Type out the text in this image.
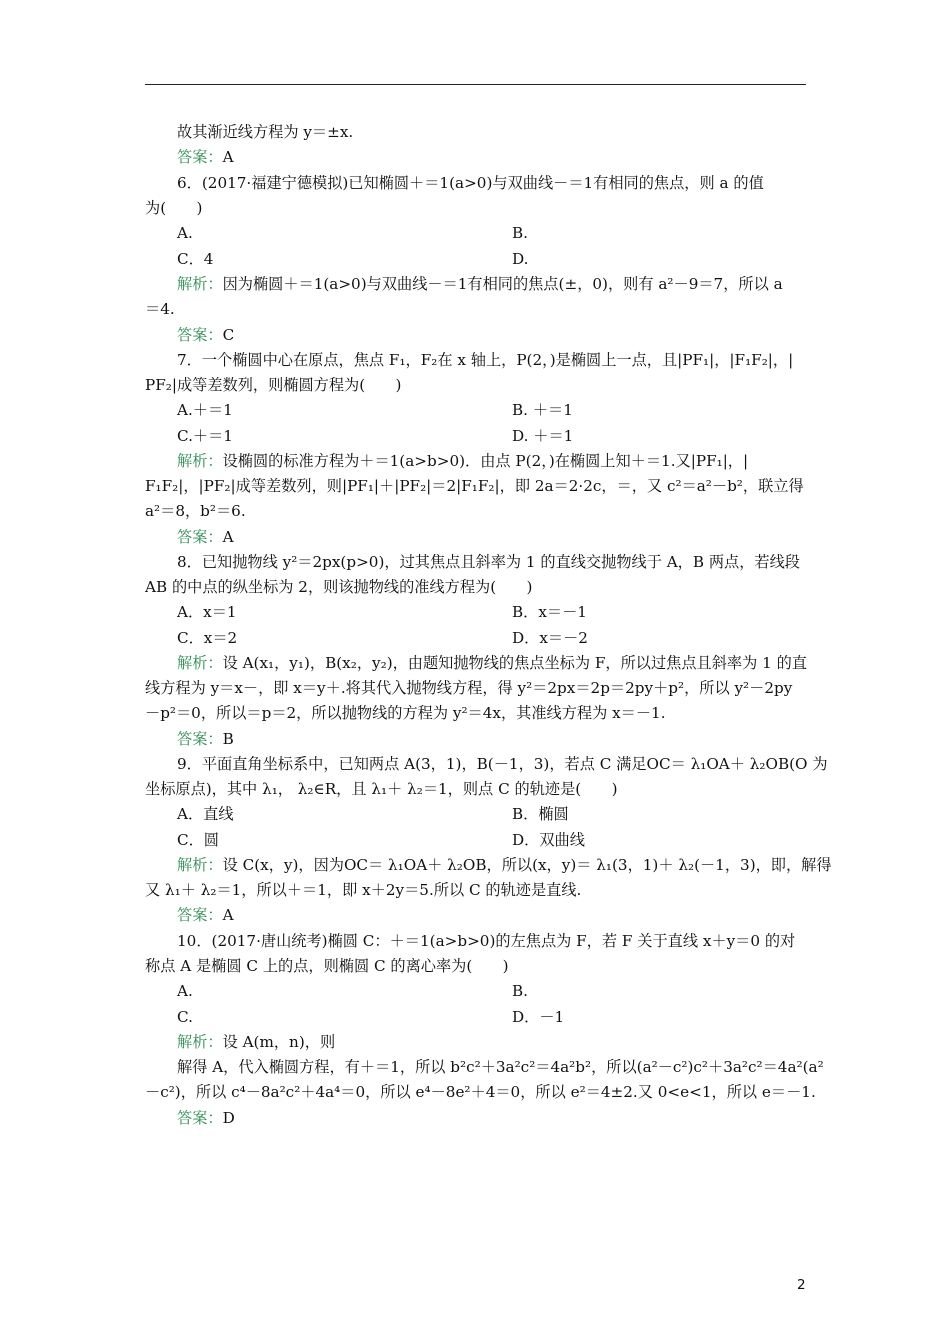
故其渐近线方程为 y＝±x.
答案：A
6．(2017·福建宁德模拟)已知椭圆＋＝1(a>0)与双曲线－＝1有相同的焦点，则 a 的值
为(　　)
A.	B.
C．4	D.
解析：因为椭圆＋＝1(a>0)与双曲线－＝1有相同的焦点(±，0)，则有 a²－9＝7，所以 a
＝4.
答案：C
7．一个椭圆中心在原点，焦点 F₁，F₂在 x 轴上，P(2，)是椭圆上一点，且|PF₁|，|F₁F₂|，|
PF₂|成等差数列，则椭圆方程为(　　)
A.＋＝1	B. ＋＝1
C.＋＝1	D. ＋＝1
解析：设椭圆的标准方程为＋＝1(a>b>0)．由点 P(2，)在椭圆上知＋＝1.又|PF₁|，|
F₁F₂|，|PF₂|成等差数列，则|PF₁|＋|PF₂|＝2|F₁F₂|，即 2a＝2·2c，＝，又 c²＝a²－b²，联立得
a²＝8，b²＝6.
答案：A
8．已知抛物线 y²＝2px(p>0)，过其焦点且斜率为 1 的直线交抛物线于 A，B 两点，若线段
AB 的中点的纵坐标为 2，则该抛物线的准线方程为(　　)
A．x＝1	B．x＝－1
C．x＝2	D．x＝－2
解析：设 A(x₁，y₁)，B(x₂，y₂)，由题知抛物线的焦点坐标为 F，所以过焦点且斜率为 1 的直
线方程为 y＝x－，即 x＝y＋.将其代入抛物线方程，得 y²＝2px＝2p＝2py＋p²，所以 y²－2py
－p²＝0，所以＝p＝2，所以抛物线的方程为 y²＝4x，其准线方程为 x＝－1.
答案：B
9．平面直角坐标系中，已知两点 A(3，1)，B(－1，3)，若点 C 满足OC＝ λ₁OA＋ λ₂OB(O 为
坐标原点)，其中 λ₁， λ₂∈R，且 λ₁＋ λ₂＝1，则点 C 的轨迹是(　　)
A．直线	B．椭圆
C．圆	D．双曲线
解析：设 C(x，y)，因为OC＝ λ₁OA＋ λ₂OB，所以(x，y)＝ λ₁(3，1)＋ λ₂(－1，3)，即，解得
又 λ₁＋ λ₂＝1，所以＋＝1，即 x＋2y＝5.所以 C 的轨迹是直线.
答案：A
10．(2017·唐山统考)椭圆 C：＋＝1(a>b>0)的左焦点为 F，若 F 关于直线 x＋y＝0 的对
称点 A 是椭圆 C 上的点，则椭圆 C 的离心率为(　　)
A.	B.
C.	D．－1
解析：设 A(m，n)，则
解得 A，代入椭圆方程，有＋＝1，所以 b²c²＋3a²c²＝4a²b²，所以(a²－c²)c²＋3a²c²＝4a²(a²
－c²)，所以 c⁴－8a²c²＋4a⁴＝0，所以 e⁴－8e²＋4＝0，所以 e²＝4±2.又 0<e<1，所以 e＝－1.
答案：D
2
